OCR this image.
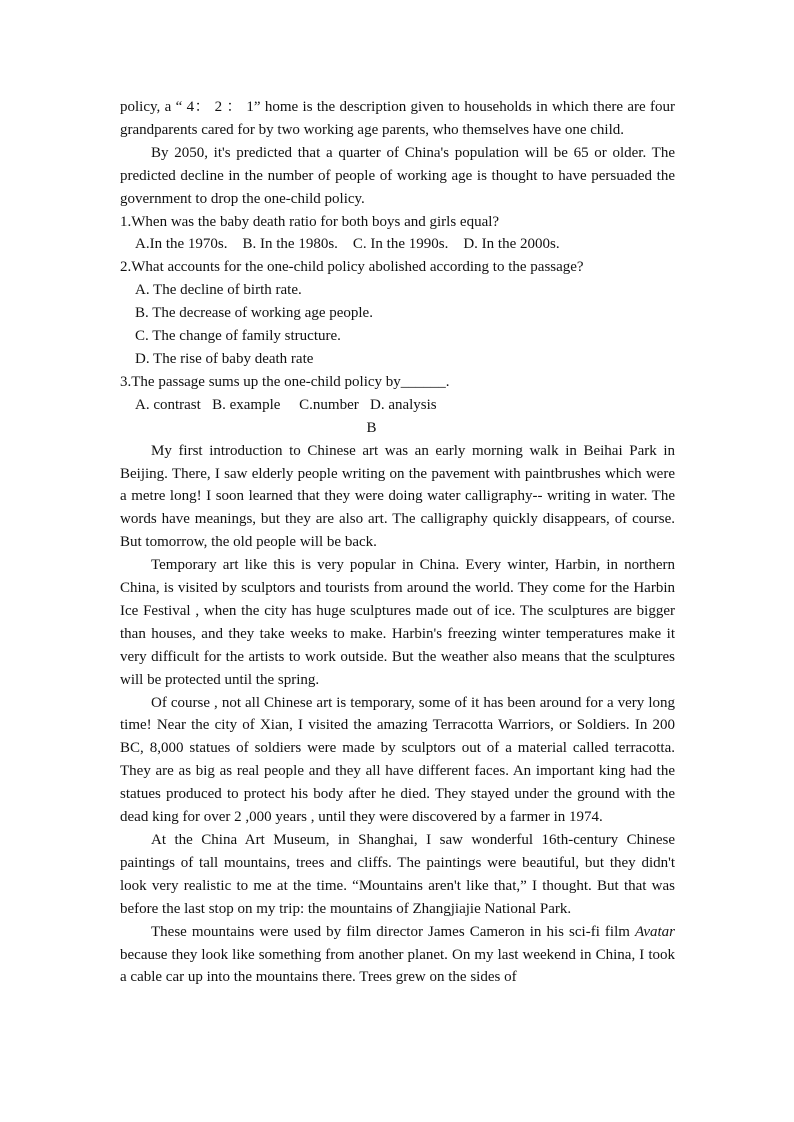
policy, a “ 4： 2 ： 1” home is the description given to households in which there are four grandparents cared for by two working age parents, who themselves have one child.

By 2050, it's predicted that a quarter of China's population will be 65 or older. The predicted decline in the number of people of working age is thought to have persuaded the government to drop the one-child policy.

1.When was the baby death ratio for both boys and girls equal?

A.In the 1970s. B. In the 1980s. C. In the 1990s. D. In the 2000s.

2.What accounts for the one-child policy abolished according to the passage?

A. The decline of birth rate.

B. The decrease of working age people.

C. The change of family structure.

D. The rise of baby death rate

3.The passage sums up the one-child policy by______.

A. contrast B. example C.number D. analysis

B

My first introduction to Chinese art was an early morning walk in Beihai Park in Beijing. There, I saw elderly people writing on the pavement with paintbrushes which were a metre long! I soon learned that they were doing water calligraphy-- writing in water. The words have meanings, but they are also art. The calligraphy quickly disappears, of course. But tomorrow, the old people will be back.

Temporary art like this is very popular in China. Every winter, Harbin, in northern China, is visited by sculptors and tourists from around the world. They come for the Harbin Ice Festival , when the city has huge sculptures made out of ice. The sculptures are bigger than houses, and they take weeks to make. Harbin's freezing winter temperatures make it very difficult for the artists to work outside. But the weather also means that the sculptures will be protected until the spring.

Of course , not all Chinese art is temporary, some of it has been around for a very long time! Near the city of Xian, I visited the amazing Terracotta Warriors, or Soldiers. In 200 BC, 8,000 statues of soldiers were made by sculptors out of a material called terracotta. They are as big as real people and they all have different faces. An important king had the statues produced to protect his body after he died. They stayed under the ground with the dead king for over 2 ,000 years , until they were discovered by a farmer in 1974.

At the China Art Museum, in Shanghai, I saw wonderful 16th-century Chinese paintings of tall mountains, trees and cliffs. The paintings were beautiful, but they didn't look very realistic to me at the time. “Mountains aren't like that,” I thought. But that was before the last stop on my trip: the mountains of Zhangjiajie National Park.

These mountains were used by film director James Cameron in his sci-fi film Avatar because they look like something from another planet. On my last weekend in China, I took a cable car up into the mountains there. Trees grew on the sides of
